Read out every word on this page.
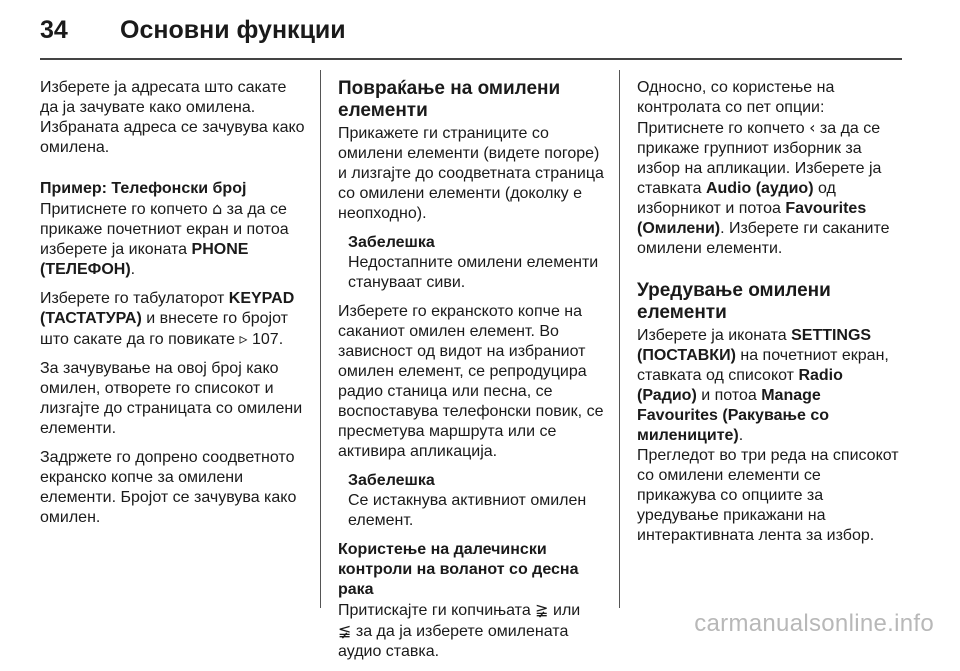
34	Основни функции

Изберете ја адресата што сакате да ја зачувате како омилена. Избраната адреса се зачувува како омилена.

Пример: Телефонски број

Притиснете го копчето ⌂ за да се прикаже почетниот екран и потоа изберете ја иконата PHONE (ТЕЛЕФОН).

Изберете го табулаторот KEYPAD (ТАСТАТУРА) и внесете го бројот што сакате да го повикате ▹ 107.

За зачувување на овој број како омилен, отворете го списокот и лизгајте до страницата со омилени елементи.

Задржете го допрено соодветното екранско копче за омилени елементи. Бројот се зачувува како омилен.

Повраќање на омилени елементи

Прикажете ги страниците со омилени елементи (видете погоре) и лизгајте до соодветната страница со омилени елементи (доколку е неопходно).

Забелешка
Недостапните омилени елементи стануваат сиви.

Изберете го екранското копче на саканиот омилен елемент. Во зависност од видот на избраниот омилен елемент, се репродуцира радио станица или песна, се воспоставува телефонски повик, се пресметува маршрута или се активира апликација.

Забелешка
Се истакнува активниот омилен елемент.
Користење на далечински контроли на воланот со десна рака

Притискајте ги копчињата ≩ или
≨ за да ја изберете омилената аудио ставка.

Односно, со користење на контролата со пет опции: Притиснете го копчето ‹ за да се прикаже групниот изборник за избор на апликации. Изберете ја ставката Audio (аудио) од изборникот и потоа Favourites (Омилени). Изберете ги саканите омилени елементи.

Уредување омилени елементи

Изберете ја иконата SETTINGS (ПОСТАВКИ) на почетниот екран, ставката од списокот Radio (Радио) и потоа Manage Favourites (Ракување со милениците).
Прегледот во три реда на списокот со омилени елементи се прикажува со опциите за уредување прикажани на интерактивната лента за избор.

carmanualsonline.info
